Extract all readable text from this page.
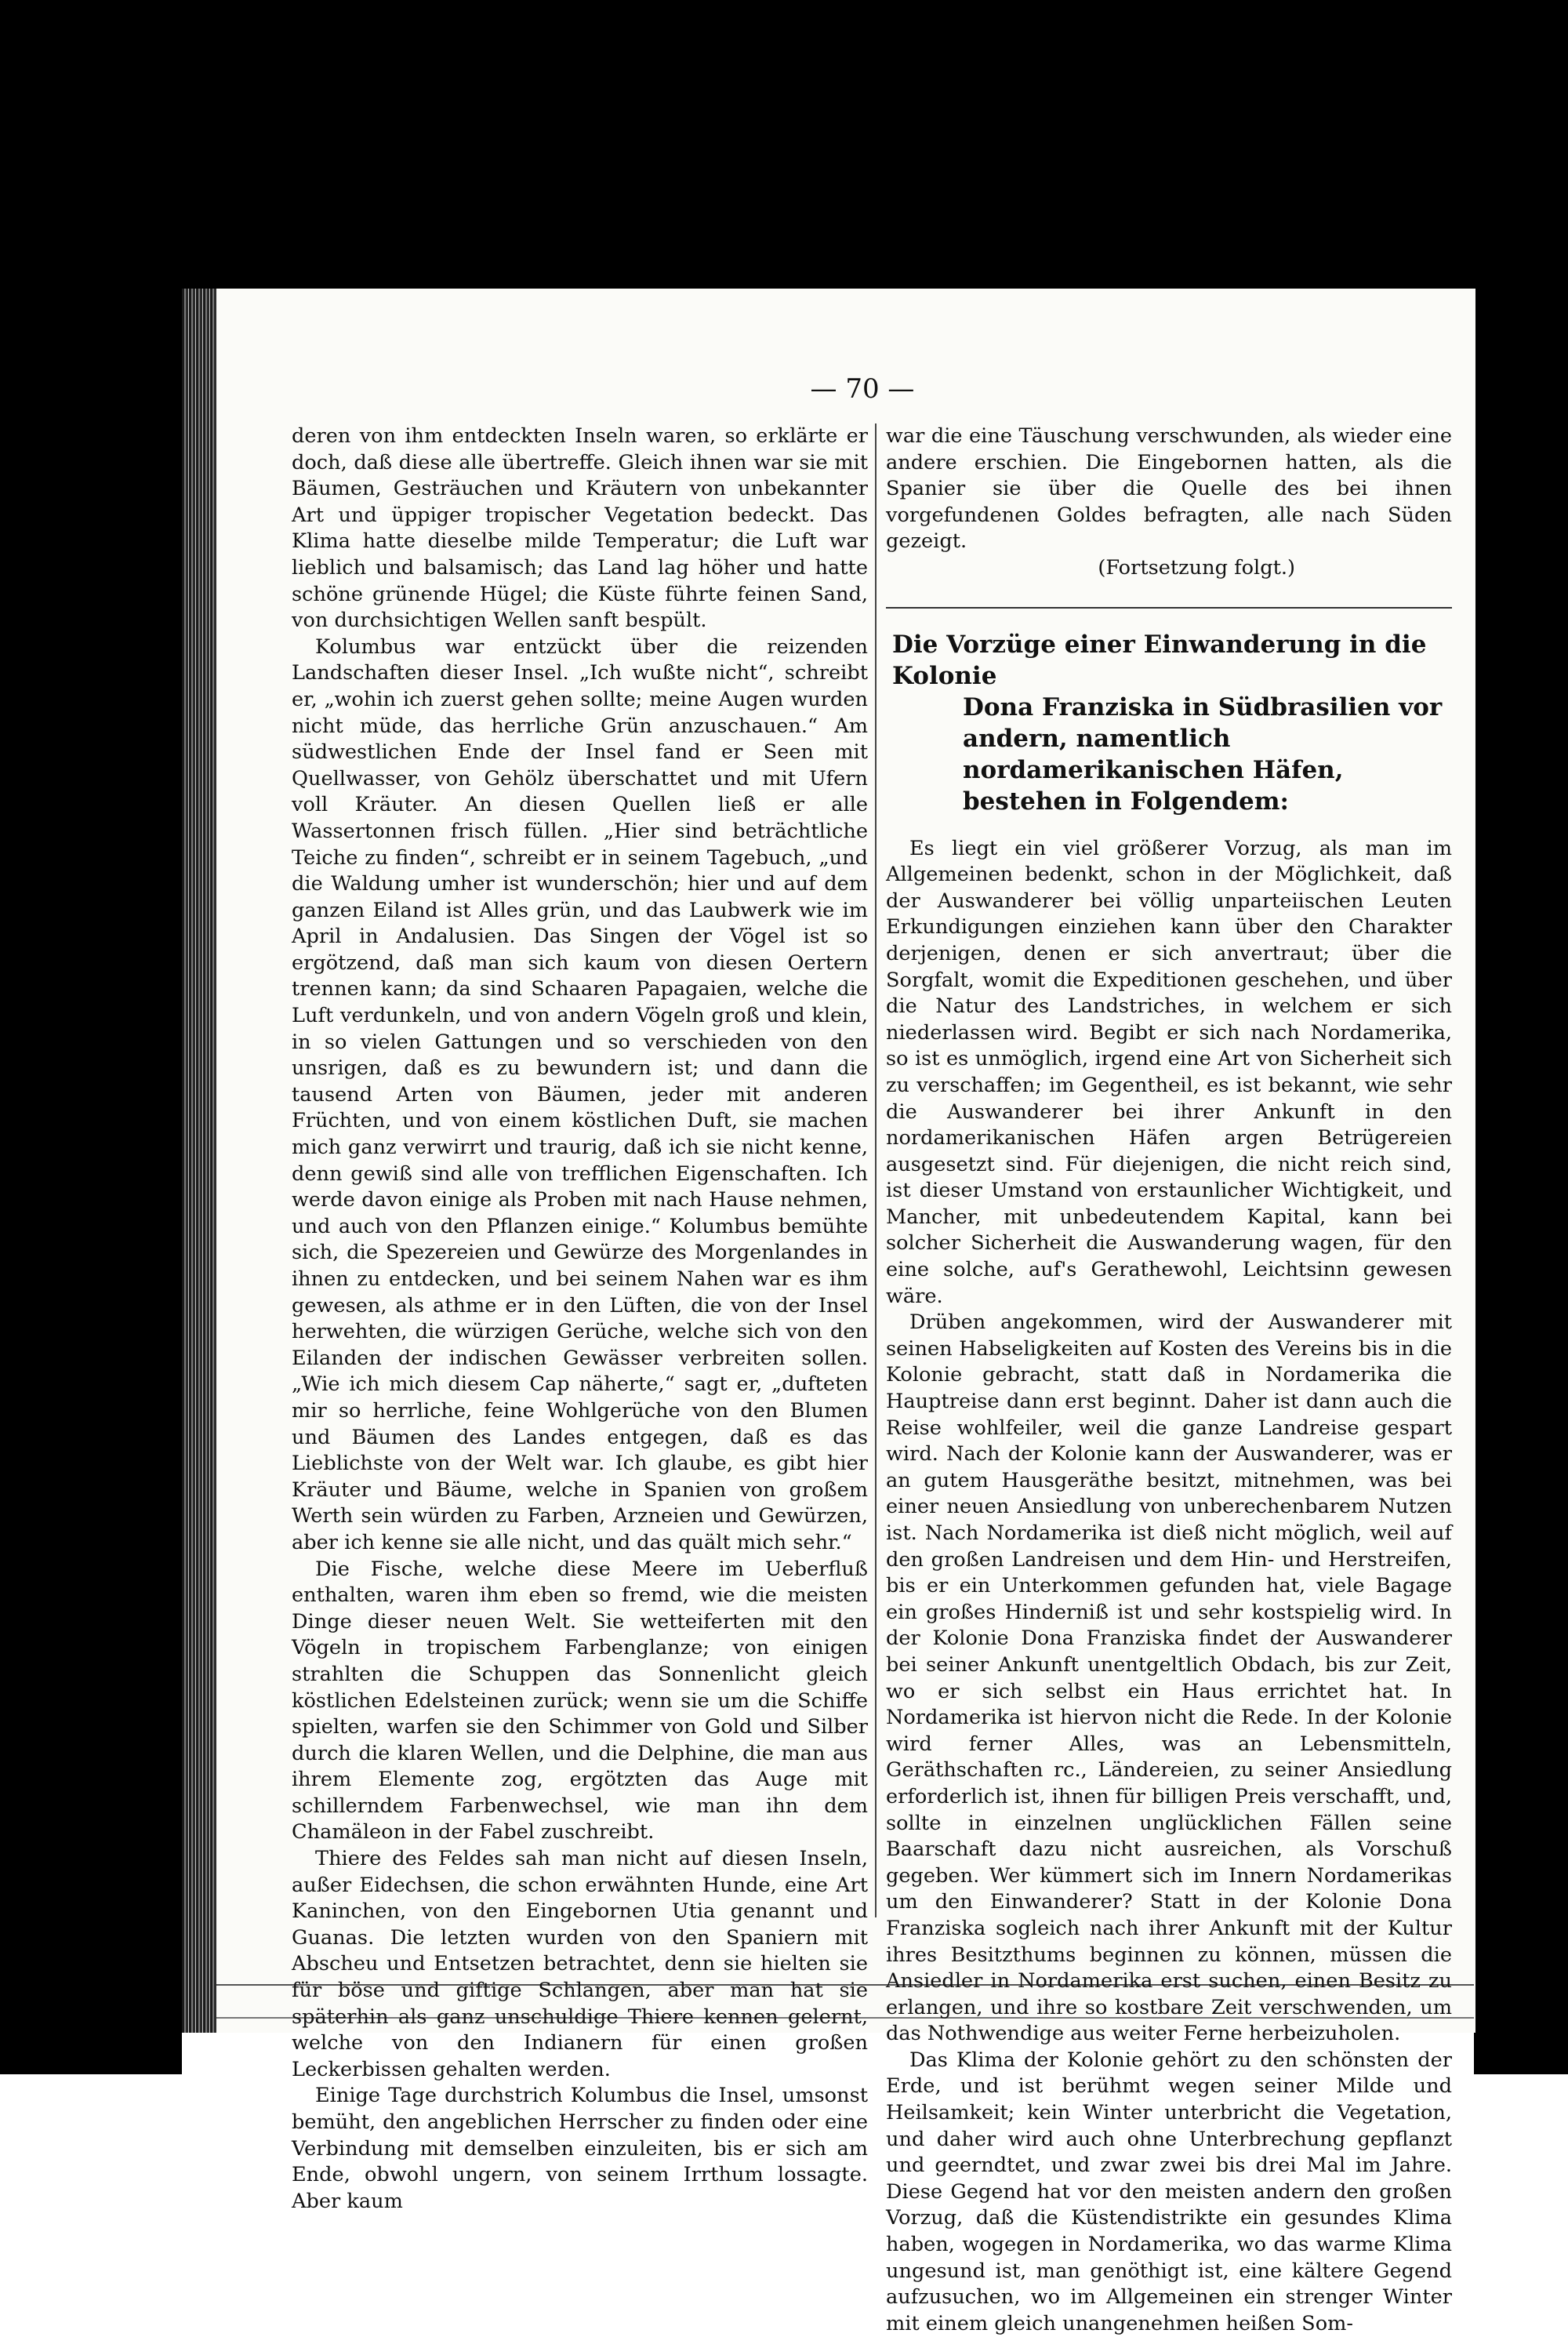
— 70 —

deren von ihm entdeckten Inseln waren, so erklärte er doch, daß diese alle übertreffe. Gleich ihnen war sie mit Bäumen, Gesträuchen und Kräutern von unbekannter Art und üppiger tropischer Vegetation bedeckt. Das Klima hatte dieselbe milde Temperatur; die Luft war lieblich und balsamisch; das Land lag höher und hatte schöne grünende Hügel; die Küste führte feinen Sand, von durchsichtigen Wellen sanft bespült.

Kolumbus war entzückt über die reizenden Landschaften dieser Insel. „Ich wußte nicht“, schreibt er, „wohin ich zuerst gehen sollte; meine Augen wurden nicht müde, das herrliche Grün anzuschauen.“ Am südwestlichen Ende der Insel fand er Seen mit Quellwasser, von Gehölz überschattet und mit Ufern voll Kräuter. An diesen Quellen ließ er alle Wassertonnen frisch füllen. „Hier sind beträchtliche Teiche zu finden“, schreibt er in seinem Tagebuch, „und die Waldung umher ist wunderschön; hier und auf dem ganzen Eiland ist Alles grün, und das Laubwerk wie im April in Andalusien. Das Singen der Vögel ist so ergötzend, daß man sich kaum von diesen Oertern trennen kann; da sind Schaaren Papagaien, welche die Luft verdunkeln, und von andern Vögeln groß und klein, in so vielen Gattungen und so verschieden von den unsrigen, daß es zu bewundern ist; und dann die tausend Arten von Bäumen, jeder mit anderen Früchten, und von einem köstlichen Duft, sie machen mich ganz verwirrt und traurig, daß ich sie nicht kenne, denn gewiß sind alle von trefflichen Eigenschaften. Ich werde davon einige als Proben mit nach Hause nehmen, und auch von den Pflanzen einige.“ Kolumbus bemühte sich, die Spezereien und Gewürze des Morgenlandes in ihnen zu entdecken, und bei seinem Nahen war es ihm gewesen, als athme er in den Lüften, die von der Insel herwehten, die würzigen Gerüche, welche sich von den Eilanden der indischen Gewässer verbreiten sollen. „Wie ich mich diesem Cap näherte,“ sagt er, „dufteten mir so herrliche, feine Wohlgerüche von den Blumen und Bäumen des Landes entgegen, daß es das Lieblichste von der Welt war. Ich glaube, es gibt hier Kräuter und Bäume, welche in Spanien von großem Werth sein würden zu Farben, Arzneien und Gewürzen, aber ich kenne sie alle nicht, und das quält mich sehr.“

Die Fische, welche diese Meere im Ueberfluß enthalten, waren ihm eben so fremd, wie die meisten Dinge dieser neuen Welt. Sie wetteiferten mit den Vögeln in tropischem Farbenglanze; von einigen strahlten die Schuppen das Sonnenlicht gleich köstlichen Edelsteinen zurück; wenn sie um die Schiffe spielten, warfen sie den Schimmer von Gold und Silber durch die klaren Wellen, und die Delphine, die man aus ihrem Elemente zog, ergötzten das Auge mit schillerndem Farbenwechsel, wie man ihn dem Chamäleon in der Fabel zuschreibt.

Thiere des Feldes sah man nicht auf diesen Inseln, außer Eidechsen, die schon erwähnten Hunde, eine Art Kaninchen, von den Eingebornen Utia genannt und Guanas. Die letzten wurden von den Spaniern mit Abscheu und Entsetzen betrachtet, denn sie hielten sie für böse und giftige Schlangen, aber man hat sie späterhin als ganz unschuldige Thiere kennen gelernt, welche von den Indianern für einen großen Leckerbissen gehalten werden.

Einige Tage durchstrich Kolumbus die Insel, umsonst bemüht, den angeblichen Herrscher zu finden oder eine Verbindung mit demselben einzuleiten, bis er sich am Ende, obwohl ungern, von seinem Irrthum lossagte. Aber kaum

war die eine Täuschung verschwunden, als wieder eine andere erschien. Die Eingebornen hatten, als die Spanier sie über die Quelle des bei ihnen vorgefundenen Goldes befragten, alle nach Süden gezeigt.

(Fortsetzung folgt.)

Die Vorzüge einer Einwanderung in die Kolonie
Dona Franziska in Südbrasilien vor andern, namentlich nordamerikanischen Häfen, bestehen in Folgendem:

Es liegt ein viel größerer Vorzug, als man im Allgemeinen bedenkt, schon in der Möglichkeit, daß der Auswanderer bei völlig unparteiischen Leuten Erkundigungen einziehen kann über den Charakter derjenigen, denen er sich anvertraut; über die Sorgfalt, womit die Expeditionen geschehen, und über die Natur des Landstriches, in welchem er sich niederlassen wird. Begibt er sich nach Nordamerika, so ist es unmöglich, irgend eine Art von Sicherheit sich zu verschaffen; im Gegentheil, es ist bekannt, wie sehr die Auswanderer bei ihrer Ankunft in den nordamerikanischen Häfen argen Betrügereien ausgesetzt sind. Für diejenigen, die nicht reich sind, ist dieser Umstand von erstaunlicher Wichtigkeit, und Mancher, mit unbedeutendem Kapital, kann bei solcher Sicherheit die Auswanderung wagen, für den eine solche, auf's Gerathewohl, Leichtsinn gewesen wäre.

Drüben angekommen, wird der Auswanderer mit seinen Habseligkeiten auf Kosten des Vereins bis in die Kolonie gebracht, statt daß in Nordamerika die Hauptreise dann erst beginnt. Daher ist dann auch die Reise wohlfeiler, weil die ganze Landreise gespart wird. Nach der Kolonie kann der Auswanderer, was er an gutem Hausgeräthe besitzt, mitnehmen, was bei einer neuen Ansiedlung von unberechenbarem Nutzen ist. Nach Nordamerika ist dieß nicht möglich, weil auf den großen Landreisen und dem Hin- und Herstreifen, bis er ein Unterkommen gefunden hat, viele Bagage ein großes Hinderniß ist und sehr kostspielig wird. In der Kolonie Dona Franziska findet der Auswanderer bei seiner Ankunft unentgeltlich Obdach, bis zur Zeit, wo er sich selbst ein Haus errichtet hat. In Nordamerika ist hiervon nicht die Rede. In der Kolonie wird ferner Alles, was an Lebensmitteln, Geräthschaften rc., Ländereien, zu seiner Ansiedlung erforderlich ist, ihnen für billigen Preis verschafft, und, sollte in einzelnen unglücklichen Fällen seine Baarschaft dazu nicht ausreichen, als Vorschuß gegeben. Wer kümmert sich im Innern Nordamerikas um den Einwanderer? Statt in der Kolonie Dona Franziska sogleich nach ihrer Ankunft mit der Kultur ihres Besitzthums beginnen zu können, müssen die Ansiedler in Nordamerika erst suchen, einen Besitz zu erlangen, und ihre so kostbare Zeit verschwenden, um das Nothwendige aus weiter Ferne herbeizuholen.

Das Klima der Kolonie gehört zu den schönsten der Erde, und ist berühmt wegen seiner Milde und Heilsamkeit; kein Winter unterbricht die Vegetation, und daher wird auch ohne Unterbrechung gepflanzt und geerndtet, und zwar zwei bis drei Mal im Jahre. Diese Gegend hat vor den meisten andern den großen Vorzug, daß die Küstendistrikte ein gesundes Klima haben, wogegen in Nordamerika, wo das warme Klima ungesund ist, man genöthigt ist, eine kältere Gegend aufzusuchen, wo im Allgemeinen ein strenger Winter mit einem gleich unangenehmen heißen Som-
